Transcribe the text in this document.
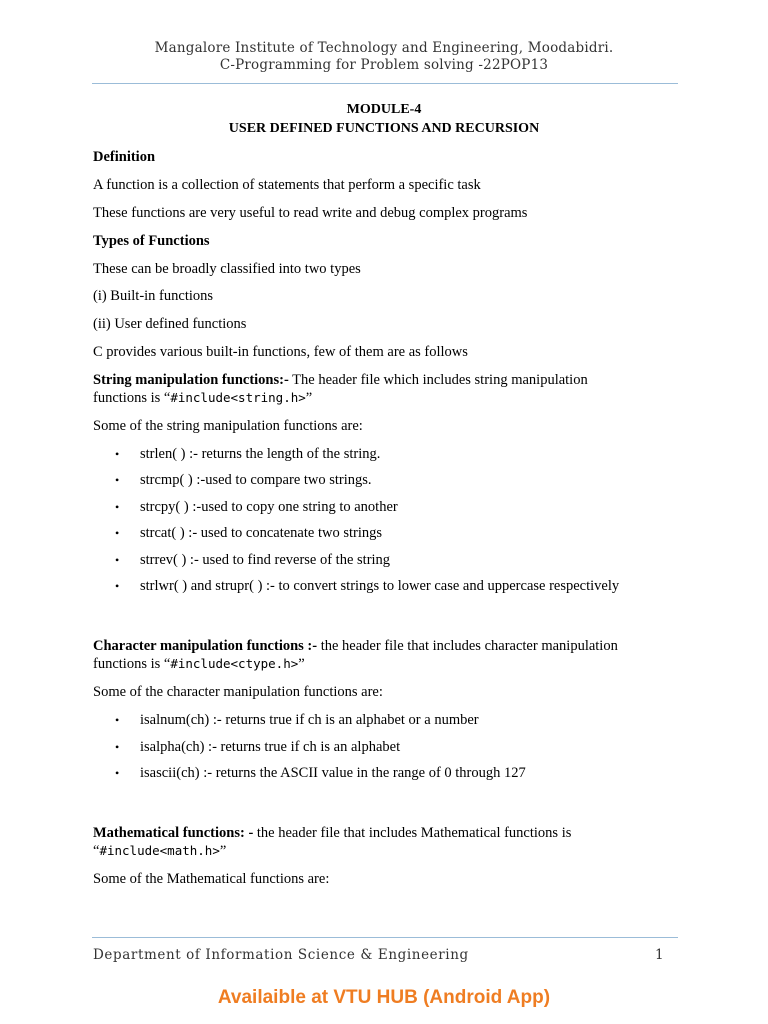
Mangalore Institute of Technology and Engineering, Moodabidri.
C-Programming for Problem solving -22POP13
MODULE-4
USER DEFINED FUNCTIONS AND RECURSION
Definition
A function is a collection of statements that perform a specific task
These functions are very useful to read write and debug complex programs
Types of Functions
These can be broadly classified into two types
(i) Built-in functions
(ii) User defined functions
C provides various built-in functions, few of them are as follows
String manipulation functions:- The header file which includes string manipulation
functions is “#include<string.h>”
Some of the string manipulation functions are:
• strlen( ) :- returns the length of the string.
• strcmp( ) :-used to compare two strings.
• strcpy( ) :-used to copy one string to another
• strcat( ) :- used to concatenate two strings
• strrev( ) :- used to find reverse of the string
• strlwr( ) and strupr( ) :- to convert strings to lower case and uppercase respectively
Character manipulation functions :- the header file that includes character manipulation
functions is “#include<ctype.h>”
Some of the character manipulation functions are:
• isalnum(ch) :- returns true if ch is an alphabet or a number
• isalpha(ch) :- returns true if ch is an alphabet
• isascii(ch) :- returns the ASCII value in the range of 0 through 127
Mathematical functions: - the header file that includes Mathematical functions is
“#include<math.h>”
Some of the Mathematical functions are:
Department of Information Science & Engineering	1
Availaible at VTU HUB (Android App)
